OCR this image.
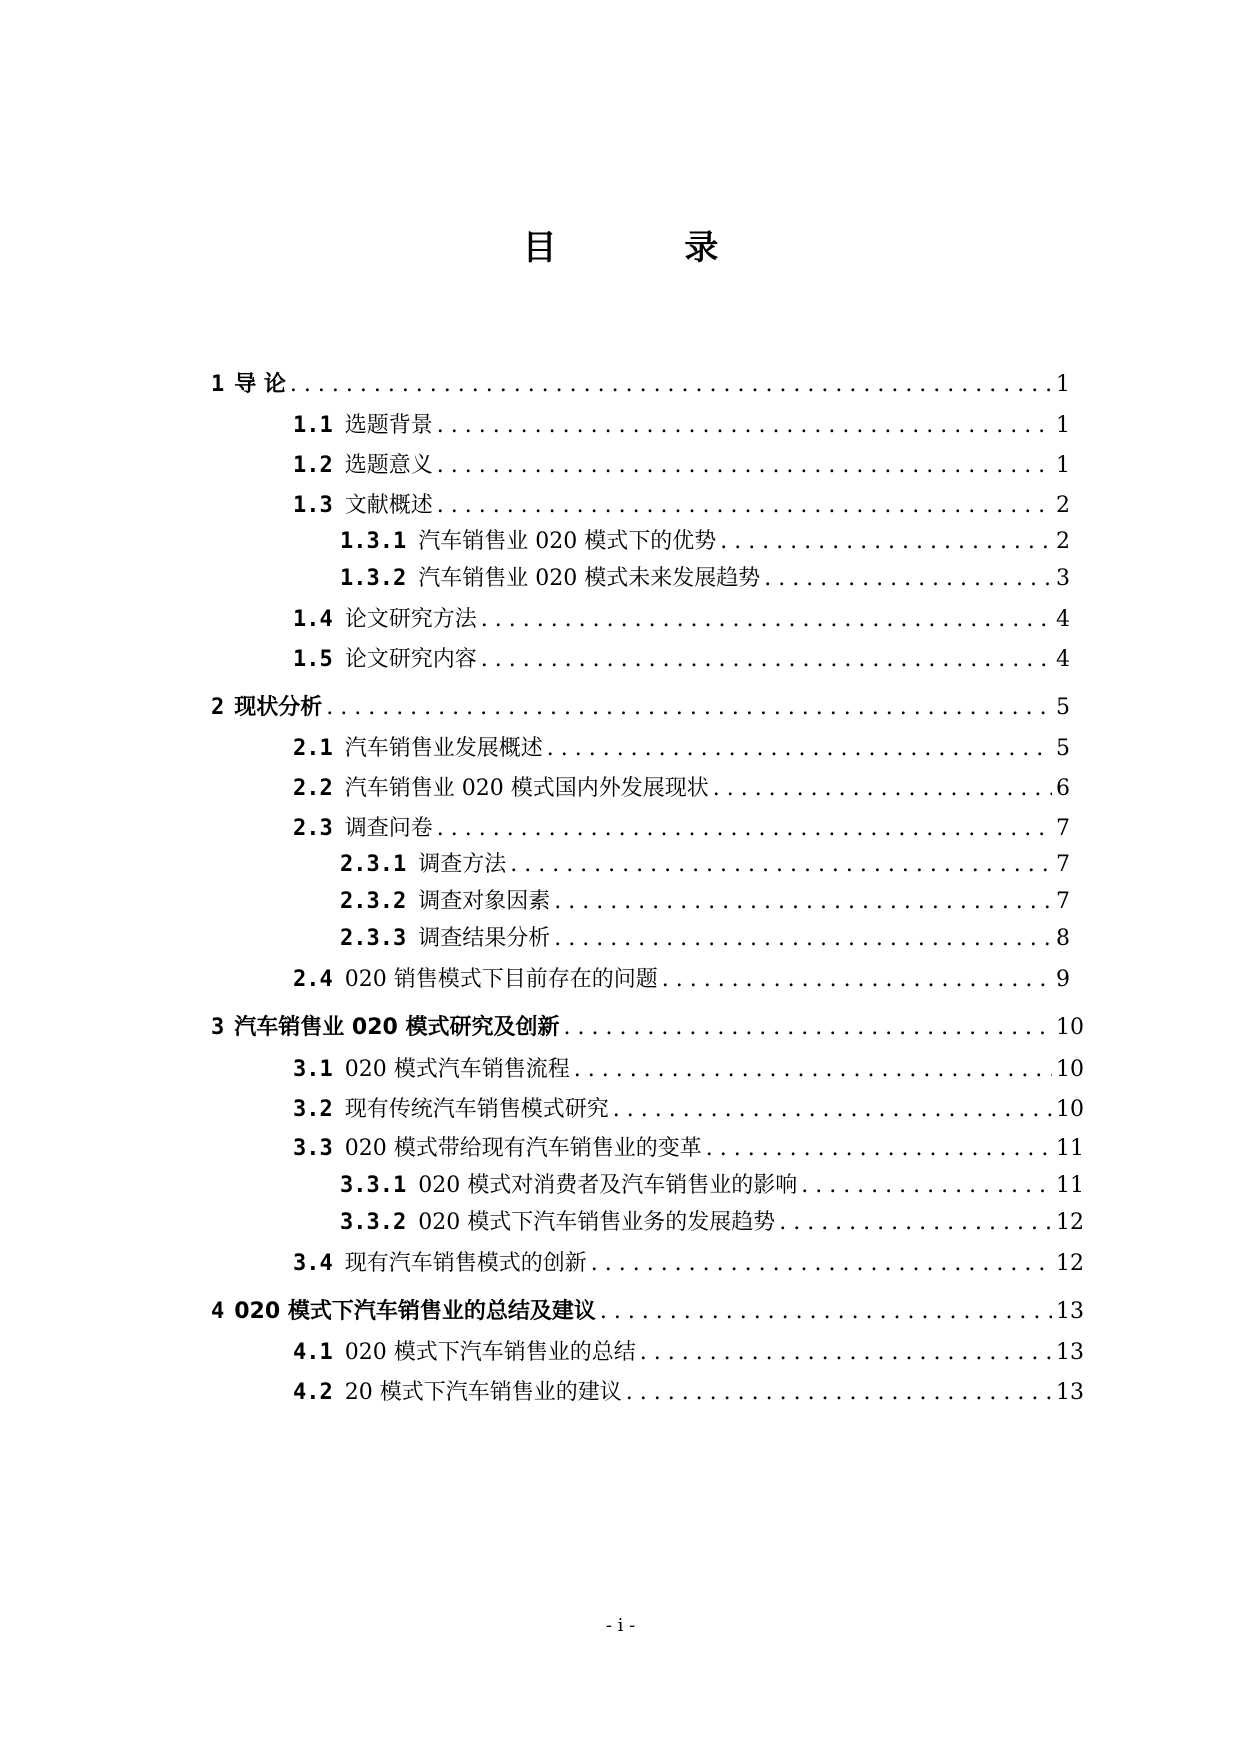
目 录
1 导 论 . . .	1
1.1 选题背景 . . .	1
1.2 选题意义 . . .	1
1.3 文献概述 . . .	2
1.3.1 汽车销售业 020 模式下的优势 . . .	2
1.3.2 汽车销售业 020 模式未来发展趋势 . . .	3
1.4 论文研究方法 . . .	4
1.5 论文研究内容 . . .	4
2 现状分析 . . .	5
2.1 汽车销售业发展概述 . . .	5
2.2 汽车销售业 020 模式国内外发展现状 . . .	6
2.3 调查问卷 . . .	7
2.3.1 调查方法 . . .	7
2.3.2 调查对象因素 . . .	7
2.3.3 调查结果分析 . . .	8
2.4 020 销售模式下目前存在的问题 . . .	9
3 汽车销售业 020 模式研究及创新 . . .	10
3.1 020 模式汽车销售流程 . . .	10
3.2 现有传统汽车销售模式研究 . . .	10
3.3 020 模式带给现有汽车销售业的变革 . . .	11
3.3.1 020 模式对消费者及汽车销售业的影响 . . .	11
3.3.2 020 模式下汽车销售业务的发展趋势 . . .	12
3.4 现有汽车销售模式的创新 . . .	12
4 020 模式下汽车销售业的总结及建议 . . .	13
4.1 020 模式下汽车销售业的总结 . . .	13
4.2 20 模式下汽车销售业的建议 . . .	13
- i -
